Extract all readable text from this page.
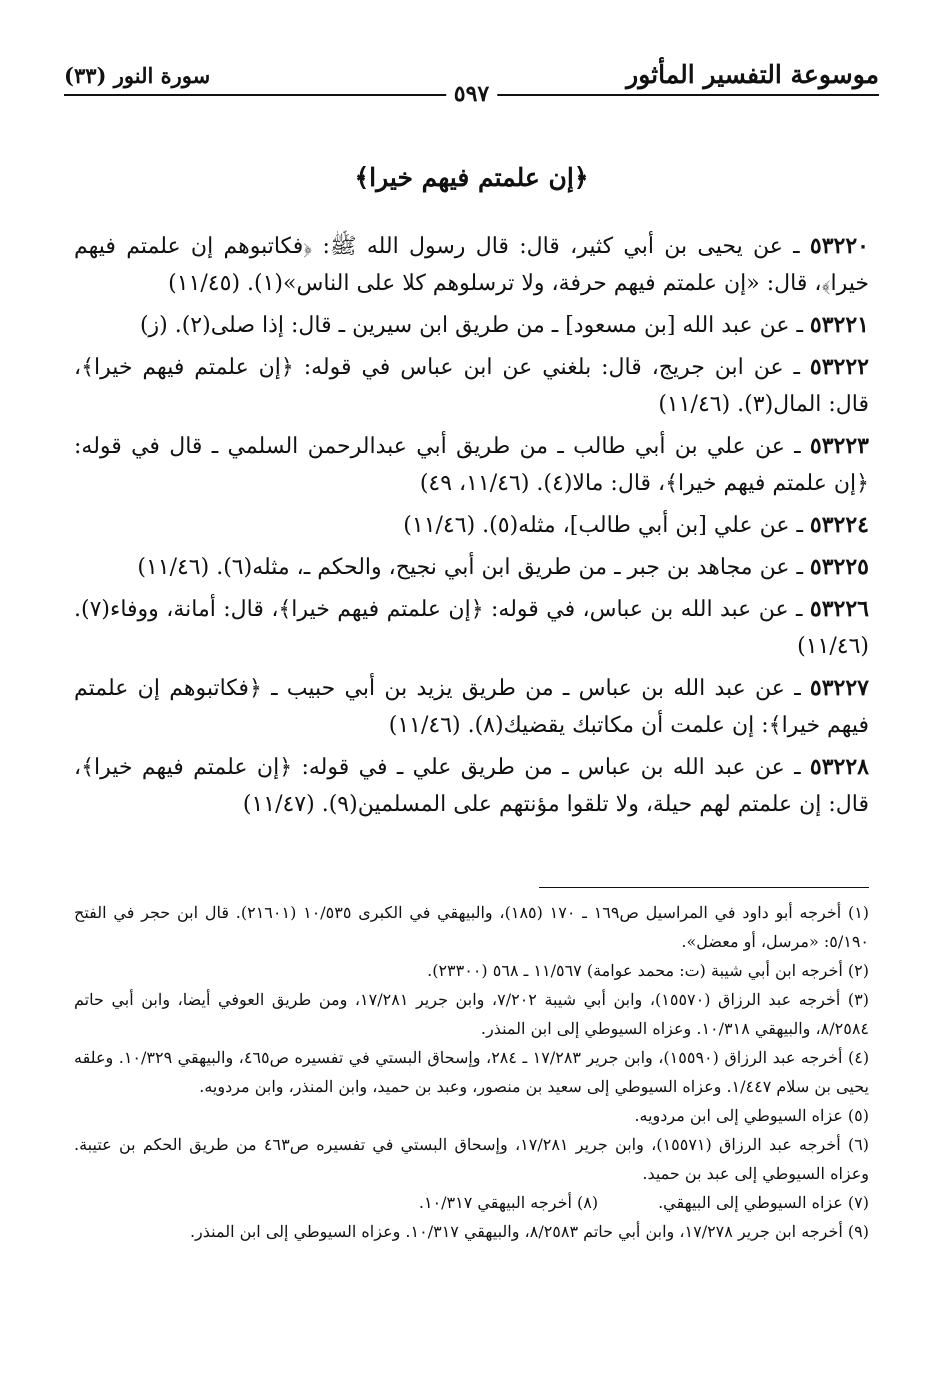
موسوعة التفسير المأثور
سورة النور (٣٣)
٥٩٧
﴿إن علمتم فيهم خيرا﴾

٥٣٢٢٠ ـ عن يحيى بن أبي كثير، قال: قال رسول الله ﷺ: ﴿فكاتبوهم إن علمتم فيهم خيرا﴾، قال: «إن علمتم فيهم حرفة، ولا ترسلوهم كلا على الناس»(١). (١١/٤٥)

٥٣٢٢١ ـ عن عبد الله [بن مسعود] ـ من طريق ابن سيرين ـ قال: إذا صلى(٢). (ز)

٥٣٢٢٢ ـ عن ابن جريج، قال: بلغني عن ابن عباس في قوله: ﴿إن علمتم فيهم خيرا﴾، قال: المال(٣). (١١/٤٦)

٥٣٢٢٣ ـ عن علي بن أبي طالب ـ من طريق أبي عبدالرحمن السلمي ـ قال في قوله: ﴿إن علمتم فيهم خيرا﴾، قال: مالا(٤). (١١/٤٦، ٤٩)

٥٣٢٢٤ ـ عن علي [بن أبي طالب]، مثله(٥). (١١/٤٦)

٥٣٢٢٥ ـ عن مجاهد بن جبر ـ من طريق ابن أبي نجيح، والحكم ـ، مثله(٦). (١١/٤٦)

٥٣٢٢٦ ـ عن عبد الله بن عباس، في قوله: ﴿إن علمتم فيهم خيرا﴾، قال: أمانة، ووفاء(٧). (١١/٤٦)

٥٣٢٢٧ ـ عن عبد الله بن عباس ـ من طريق يزيد بن أبي حبيب ـ ﴿فكاتبوهم إن علمتم فيهم خيرا﴾: إن علمت أن مكاتبك يقضيك(٨). (١١/٤٦)

٥٣٢٢٨ ـ عن عبد الله بن عباس ـ من طريق علي ـ في قوله: ﴿إن علمتم فيهم خيرا﴾، قال: إن علمتم لهم حيلة، ولا تلقوا مؤنتهم على المسلمين(٩). (١١/٤٧)

(١) أخرجه أبو داود في المراسيل ص١٦٩ ـ ١٧٠ (١٨٥)، والبيهقي في الكبرى ١٠/٥٣٥ (٢١٦٠١). قال ابن حجر في الفتح ٥/١٩٠: «مرسل، أو معضل».

(٢) أخرجه ابن أبي شيبة (ت: محمد عوامة) ١١/٥٦٧ ـ ٥٦٨ (٢٣٣٠٠).

(٣) أخرجه عبد الرزاق (١٥٥٧٠)، وابن أبي شيبة ٧/٢٠٢، وابن جرير ١٧/٢٨١، ومن طريق العوفي أيضا، وابن أبي حاتم ٨/٢٥٨٤، والبيهقي ١٠/٣١٨. وعزاه السيوطي إلى ابن المنذر.

(٤) أخرجه عبد الرزاق (١٥٥٩٠)، وابن جرير ١٧/٢٨٣ ـ ٢٨٤، وإسحاق البستي في تفسيره ص٤٦٥، والبيهقي ١٠/٣٢٩. وعلقه يحيى بن سلام ١/٤٤٧. وعزاه السيوطي إلى سعيد بن منصور، وعبد بن حميد، وابن المنذر، وابن مردويه.

(٥) عزاه السيوطي إلى ابن مردويه.

(٦) أخرجه عبد الرزاق (١٥٥٧١)، وابن جرير ١٧/٢٨١، وإسحاق البستي في تفسيره ص٤٦٣ من طريق الحكم بن عتيبة. وعزاه السيوطي إلى عبد بن حميد.

(٧) عزاه السيوطي إلى البيهقي.
(٨) أخرجه البيهقي ١٠/٣١٧.

(٩) أخرجه ابن جرير ١٧/٢٧٨، وابن أبي حاتم ٨/٢٥٨٣، والبيهقي ١٠/٣١٧. وعزاه السيوطي إلى ابن المنذر.
